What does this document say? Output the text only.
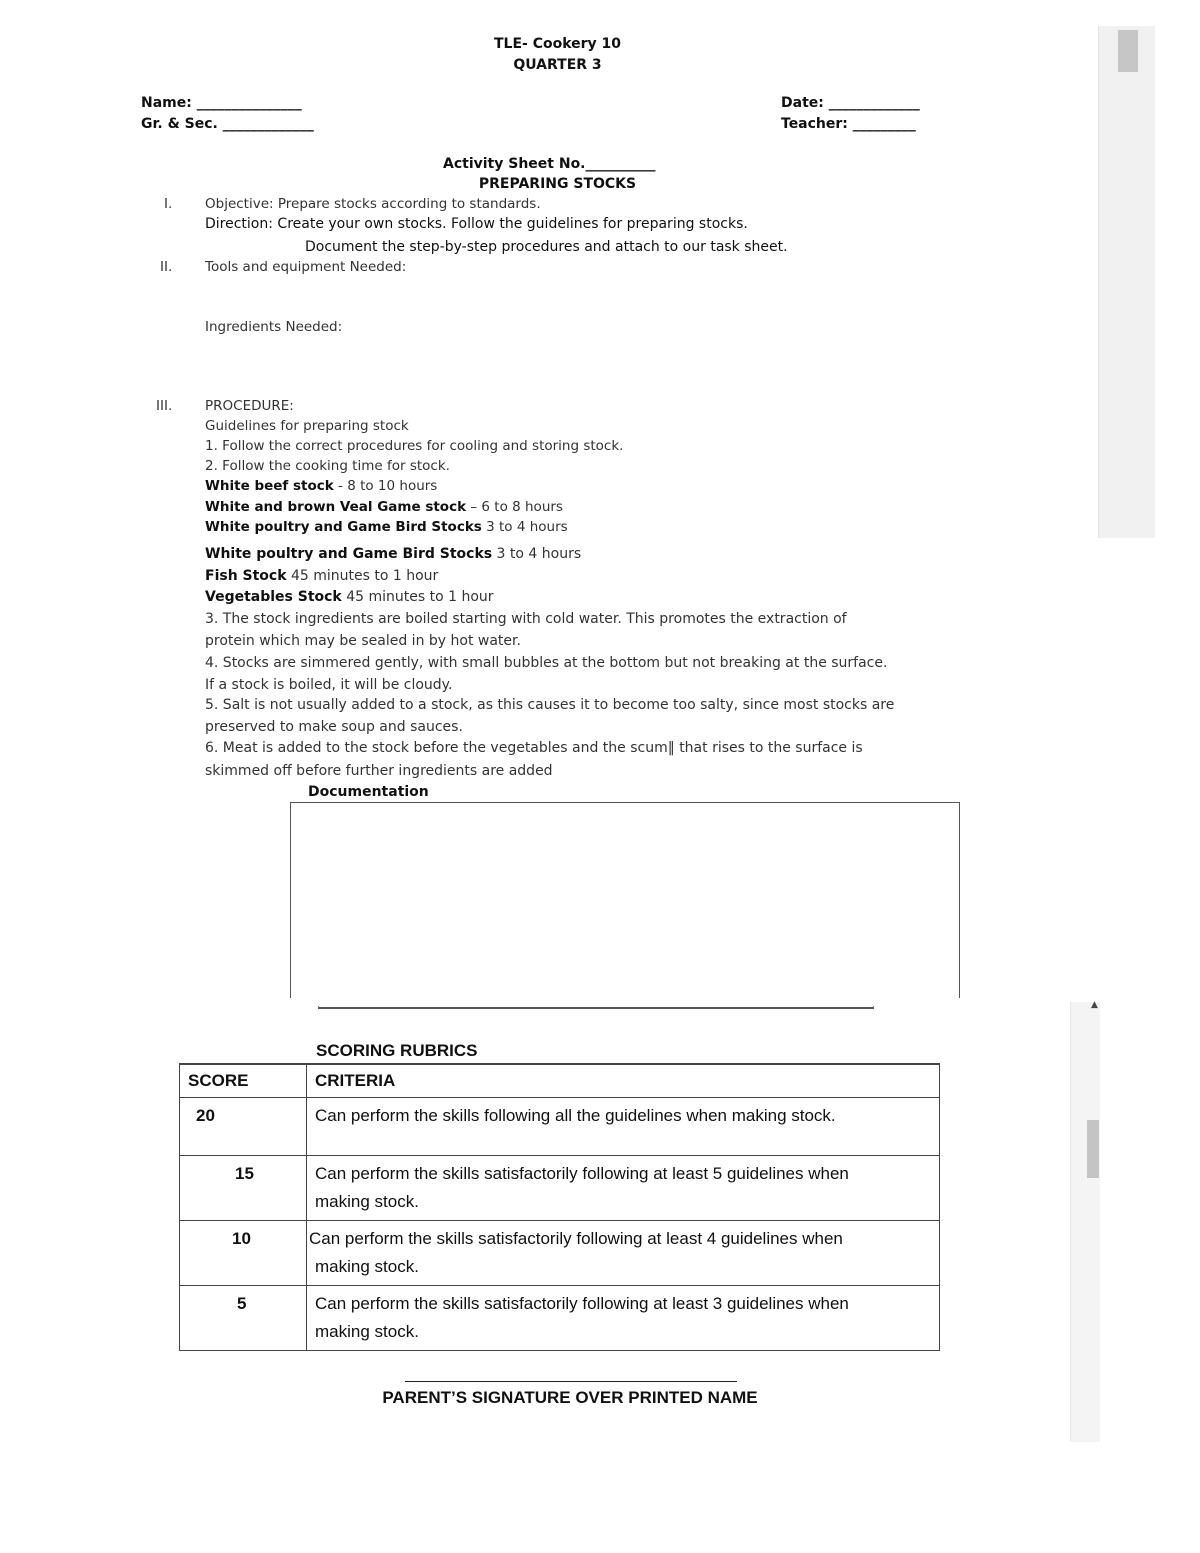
TLE- Cookery 10
QUARTER 3
Name: _______________
Gr. & Sec. _____________
Date: _____________
Teacher: _________
Activity Sheet No.__________
PREPARING STOCKS
I. Objective: Prepare stocks according to standards.
Direction: Create your own stocks. Follow the guidelines for preparing stocks.
Document the step-by-step procedures and attach to our task sheet.
II. Tools and equipment Needed:
Ingredients Needed:
III. PROCEDURE:
Guidelines for preparing stock
1. Follow the correct procedures for cooling and storing stock.
2. Follow the cooking time for stock.
White beef stock - 8 to 10 hours
White and brown Veal Game stock – 6 to 8 hours
White poultry and Game Bird Stocks 3 to 4 hours
White poultry and Game Bird Stocks 3 to 4 hours
Fish Stock 45 minutes to 1 hour
Vegetables Stock 45 minutes to 1 hour
3. The stock ingredients are boiled starting with cold water. This promotes the extraction of
protein which may be sealed in by hot water.
4. Stocks are simmered gently, with small bubbles at the bottom but not breaking at the surface.
If a stock is boiled, it will be cloudy.
5. Salt is not usually added to a stock, as this causes it to become too salty, since most stocks are
preserved to make soup and sauces.
6. Meat is added to the stock before the vegetables and the scum‖ that rises to the surface is
skimmed off before further ingredients are added
Documentation
SCORING RUBRICS
SCORE	CRITERIA
20	Can perform the skills following all the guidelines when making stock.

15	Can perform the skills satisfactorily following at least 5 guidelines when
making stock.

10	Can perform the skills satisfactorily following at least 4 guidelines when
making stock.

5	Can perform the skills satisfactorily following at least 3 guidelines when
making stock.
PARENT’S SIGNATURE OVER PRINTED NAME
▲
